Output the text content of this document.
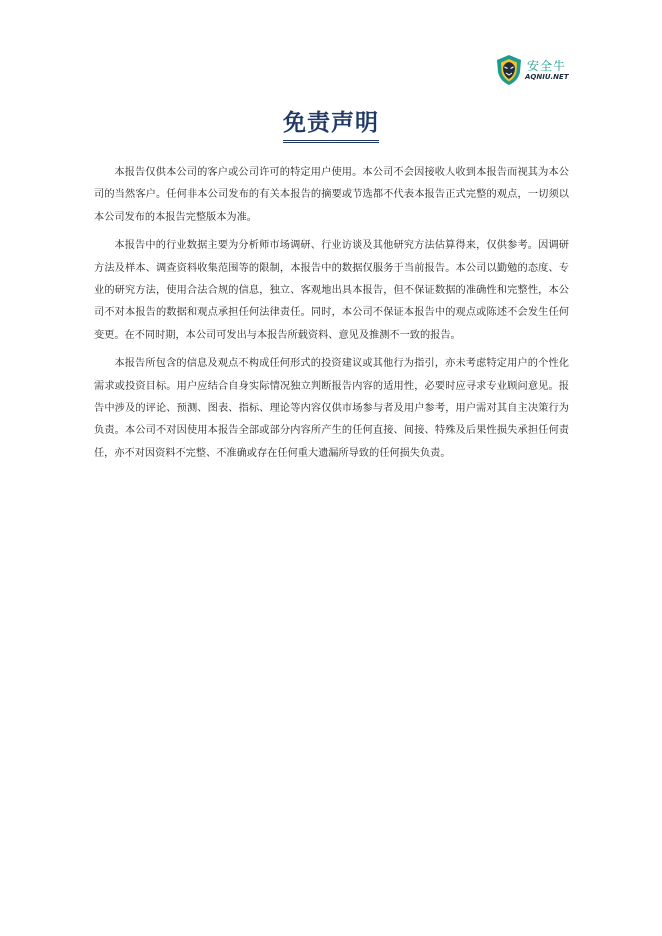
安全牛
AQNIU.NET
免责声明

本报告仅供本公司的客户或公司许可的特定用户使用。本公司不会因接收人收到本报告而视其为本公司的当然客户。任何非本公司发布的有关本报告的摘要或节选都不代表本报告正式完整的观点，一切须以本公司发布的本报告完整版本为准。

本报告中的行业数据主要为分析师市场调研、行业访谈及其他研究方法估算得来，仅供参考。因调研方法及样本、调查资料收集范围等的限制，本报告中的数据仅服务于当前报告。本公司以勤勉的态度、专业的研究方法，使用合法合规的信息，独立、客观地出具本报告，但不保证数据的准确性和完整性，本公司不对本报告的数据和观点承担任何法律责任。同时，本公司不保证本报告中的观点或陈述不会发生任何变更。在不同时期，本公司可发出与本报告所载资料、意见及推测不一致的报告。

本报告所包含的信息及观点不构成任何形式的投资建议或其他行为指引，亦未考虑特定用户的个性化需求或投资目标。用户应结合自身实际情况独立判断报告内容的适用性，必要时应寻求专业顾问意见。报告中涉及的评论、预测、图表、指标、理论等内容仅供市场参与者及用户参考，用户需对其自主决策行为负责。本公司不对因使用本报告全部或部分内容所产生的任何直接、间接、特殊及后果性损失承担任何责任，亦不对因资料不完整、不准确或存在任何重大遗漏所导致的任何损失负责。
